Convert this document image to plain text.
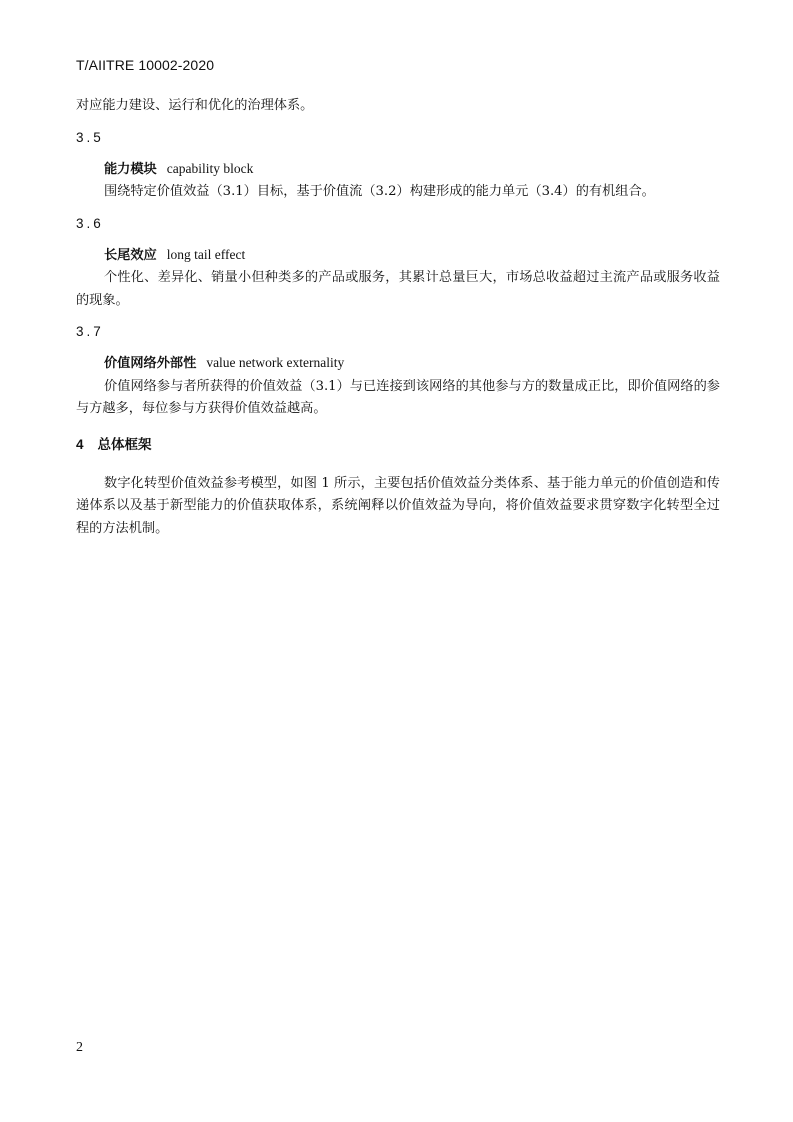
T/AIITRE 10002-2020

对应能力建设、运行和优化的治理体系。

3.5

能力模块 capability block

围绕特定价值效益（3.1）目标，基于价值流（3.2）构建形成的能力单元（3.4）的有机组合。

3.6

长尾效应 long tail effect

个性化、差异化、销量小但种类多的产品或服务，其累计总量巨大，市场总收益超过主流产品或服务收益的现象。

3.7

价值网络外部性 value network externality

价值网络参与者所获得的价值效益（3.1）与已连接到该网络的其他参与方的数量成正比，即价值网络的参与方越多，每位参与方获得价值效益越高。

4 总体框架

数字化转型价值效益参考模型，如图 1 所示，主要包括价值效益分类体系、基于能力单元的价值创造和传递体系以及基于新型能力的价值获取体系，系统阐释以价值效益为导向，将价值效益要求贯穿数字化转型全过程的方法机制。

2
